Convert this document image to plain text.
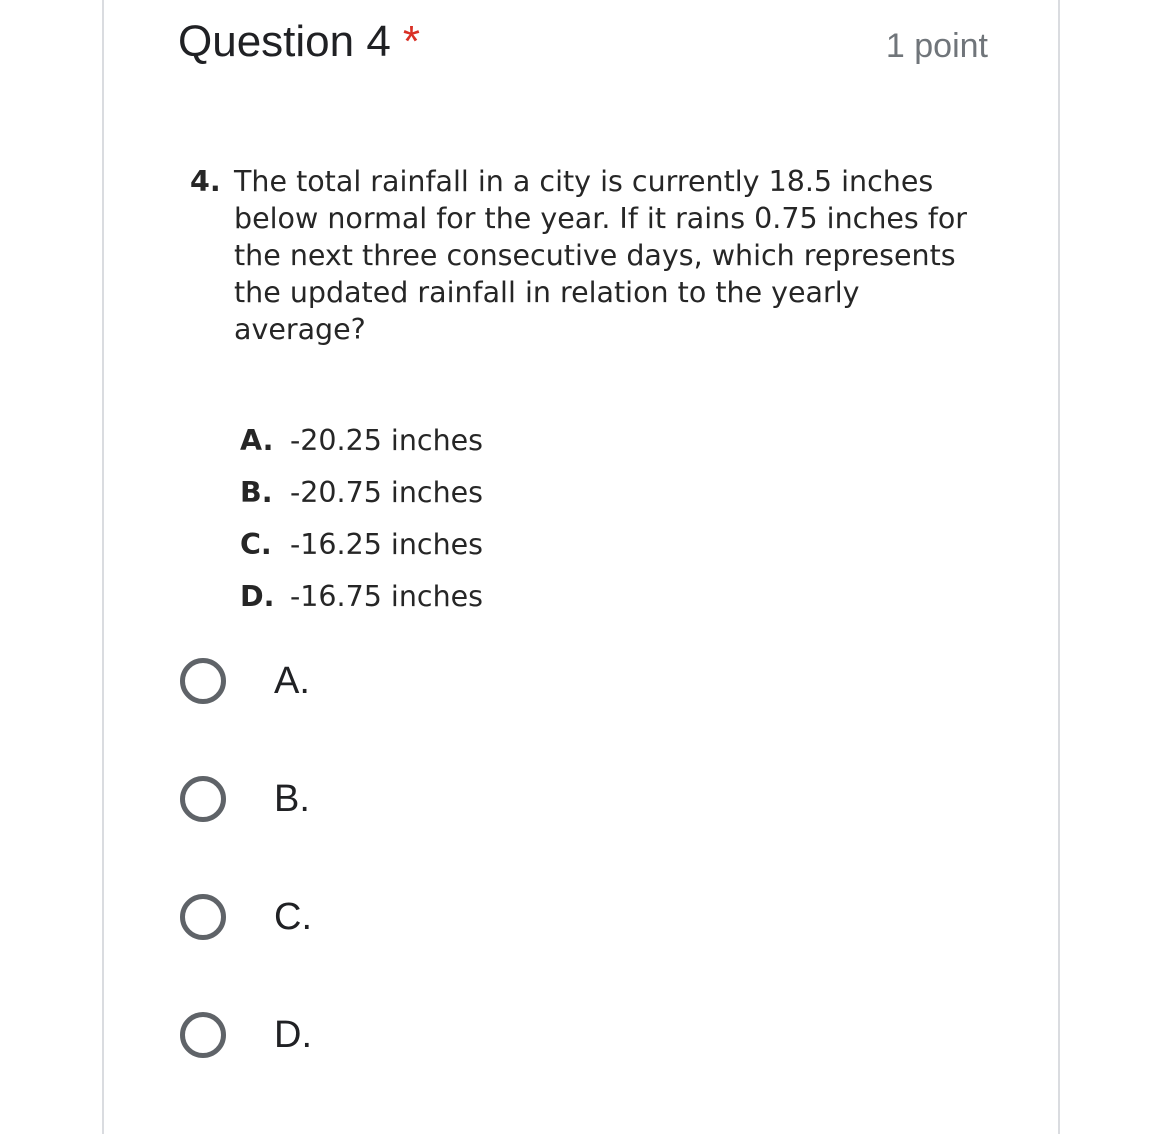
Question 4 *	1 point
4. The total rainfall in a city is currently 18.5 inches below normal for the year. If it rains 0.75 inches for the next three consecutive days, which represents the updated rainfall in relation to the yearly average?
A. -20.25 inches
B. -20.75 inches
C. -16.25 inches
D. -16.75 inches
A.
B.
C.
D.
